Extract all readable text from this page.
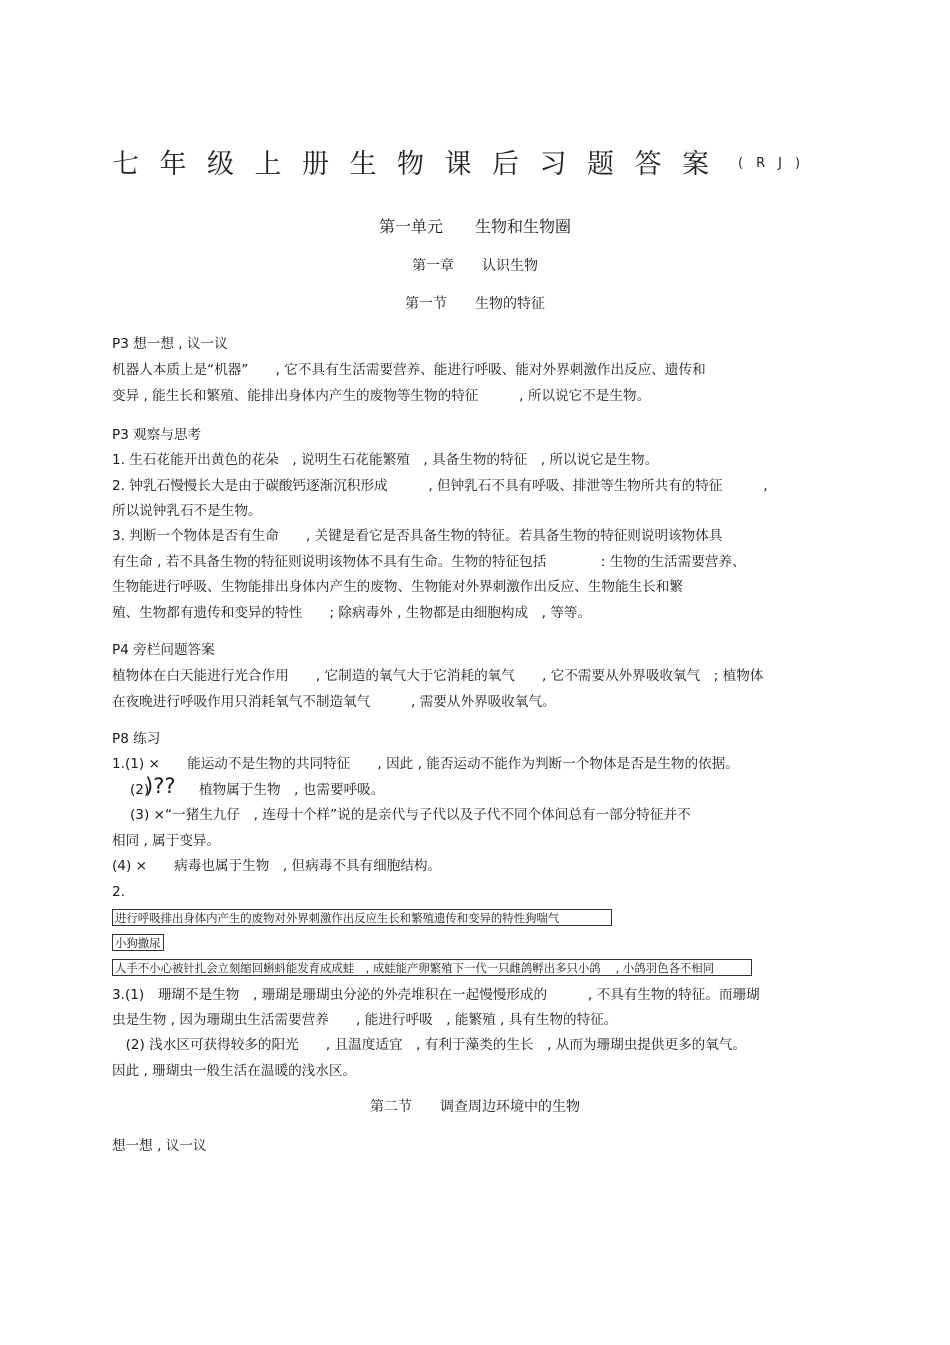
七年级上册生物课后习题答案 (RJ)
第一单元　　生物和生物圈
第一章　　认识生物
第一节　　生物的特征
P3 想一想 , 议一议
机器人本质上是“机器”　　, 它不具有生活需要营养、能进行呼吸、能对外界刺激作出反应、遗传和
变异 , 能生长和繁殖、能排出身体内产生的废物等生物的特征　　　, 所以说它不是生物。
P3 观察与思考
1. 生石花能开出黄色的花朵　, 说明生石花能繁殖　, 具备生物的特征　, 所以说它是生物。
2. 钟乳石慢慢长大是由于碳酸钙逐渐沉积形成　　　, 但钟乳石不具有呼吸、排泄等生物所共有的特征　　　,
所以说钟乳石不是生物。
3. 判断一个物体是否有生命　　, 关键是看它是否具备生物的特征。若具备生物的特征则说明该物体具
有生命 , 若不具备生物的特征则说明该物体不具有生命。生物的特征包括　　　　: 生物的生活需要营养、
生物能进行呼吸、生物能排出身体内产生的废物、生物能对外界刺激作出反应、生物能生长和繁
殖、生物都有遗传和变异的特性　　; 除病毒外 , 生物都是由细胞构成　, 等等。
P4 旁栏问题答案
植物体在白天能进行光合作用　　, 它制造的氧气大于它消耗的氧气　　, 它不需要从外界吸收氧气　; 植物体
在夜晚进行呼吸作用只消耗氧气不制造氧气　　　, 需要从外界吸收氧气。
P8 练习
1.(1) ×　　能运动不是生物的共同特征　　, 因此 , 能否运动不能作为判断一个物体是否是生物的依据。
(2)
)?? 植物属于生物　, 也需要呼吸。
(3) ×“一猪生九仔　, 连母十个样”说的是亲代与子代以及子代不同个体间总有一部分特征并不
相同 , 属于变异。
(4) ×　　病毒也属于生物　, 但病毒不具有细胞结构。
2.
进行呼吸排出身体内产生的废物对外界刺激作出反应生长和繁殖遗传和变异的特性狗喘气
小狗撒尿
人手不小心被针扎会立刻缩回蝌蚪能发育成成蛙　, 成蛙能产卵繁殖下一代一只雌鸽孵出多只小鸽　 , 小鸽羽色各不相同
3.(1)　珊瑚不是生物　, 珊瑚是珊瑚虫分泌的外壳堆积在一起慢慢形成的　　　, 不具有生物的特征。而珊瑚
虫是生物 , 因为珊瑚虫生活需要营养　　, 能进行呼吸　, 能繁殖 , 具有生物的特征。
　(2) 浅水区可获得较多的阳光　　, 且温度适宜　, 有利于藻类的生长　, 从而为珊瑚虫提供更多的氧气。
因此 , 珊瑚虫一般生活在温暖的浅水区。
第二节　　调查周边环境中的生物
想一想 , 议一议
